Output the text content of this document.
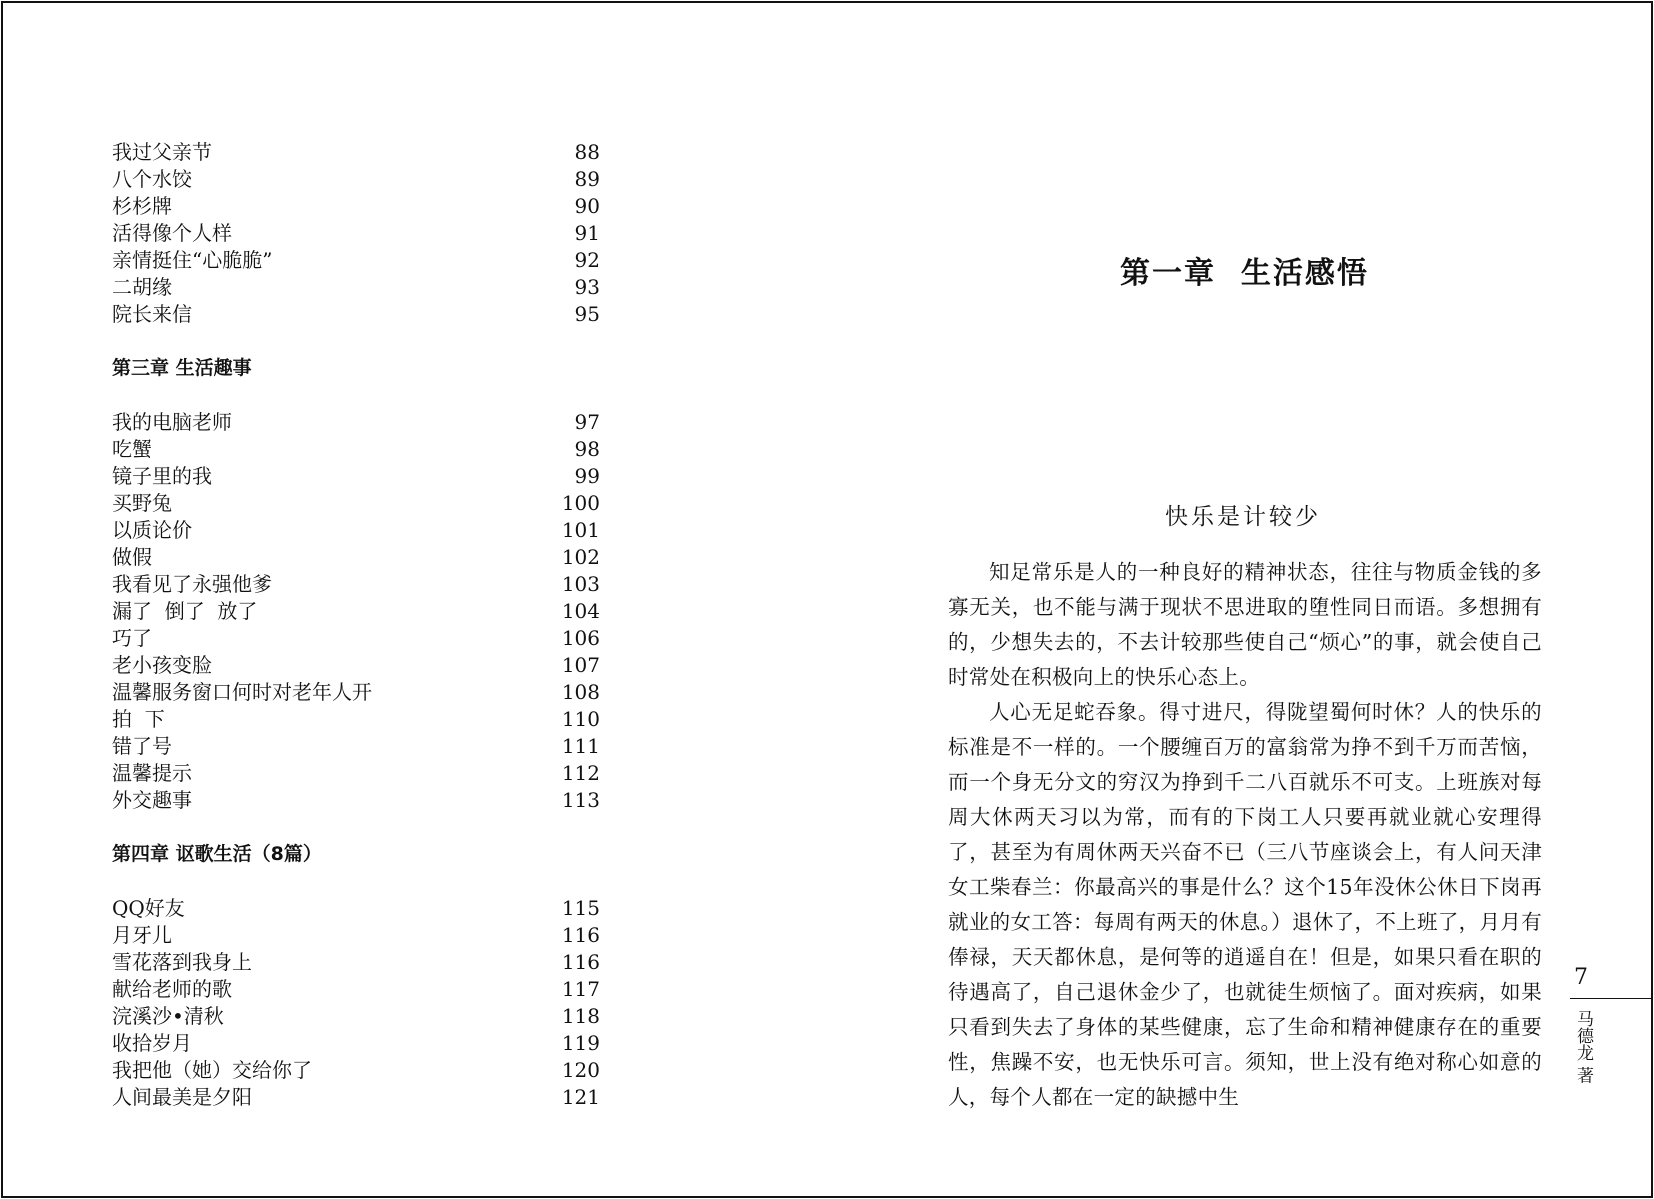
我过父亲节	88
八个水饺	89
杉杉牌	90
活得像个人样	91
亲情挺住“心脆脆”	92
二胡缘	93
院长来信	95
第三章 生活趣事
我的电脑老师	97
吃蟹	98
镜子里的我	99
买野兔	100
以质论价	101
做假	102
我看见了永强他爹	103
漏了  倒了  放了	104
巧了	106
老小孩变脸	107
温馨服务窗口何时对老年人开	108
拍  下	110
错了号	111
温馨提示	112
外交趣事	113
第四章 讴歌生活（8篇）
QQ好友	115
月牙儿	116
雪花落到我身上	116
献给老师的歌	117
浣溪沙•清秋	118
收拾岁月	119
我把他（她）交给你了	120
人间最美是夕阳	121
第一章  生活感悟
快乐是计较少

知足常乐是人的一种良好的精神状态，往往与物质金钱的多寡无关，也不能与满于现状不思进取的堕性同日而语。多想拥有的，少想失去的，不去计较那些使自己“烦心”的事，就会使自己时常处在积极向上的快乐心态上。

人心无足蛇吞象。得寸进尺，得陇望蜀何时休？人的快乐的标准是不一样的。一个腰缠百万的富翁常为挣不到千万而苦恼，而一个身无分文的穷汉为挣到千二八百就乐不可支。上班族对每周大休两天习以为常，而有的下岗工人只要再就业就心安理得了，甚至为有周休两天兴奋不已（三八节座谈会上，有人问天津女工柴春兰：你最高兴的事是什么？这个15年没休公休日下岗再就业的女工答：每周有两天的休息。）退休了，不上班了，月月有俸禄，天天都休息，是何等的逍遥自在！但是，如果只看在职的待遇高了，自己退休金少了，也就徒生烦恼了。面对疾病，如果只看到失去了身体的某些健康，忘了生命和精神健康存在的重要性，焦躁不安，也无快乐可言。须知，世上没有绝对称心如意的人，每个人都在一定的缺撼中生

7
马德龙 著
